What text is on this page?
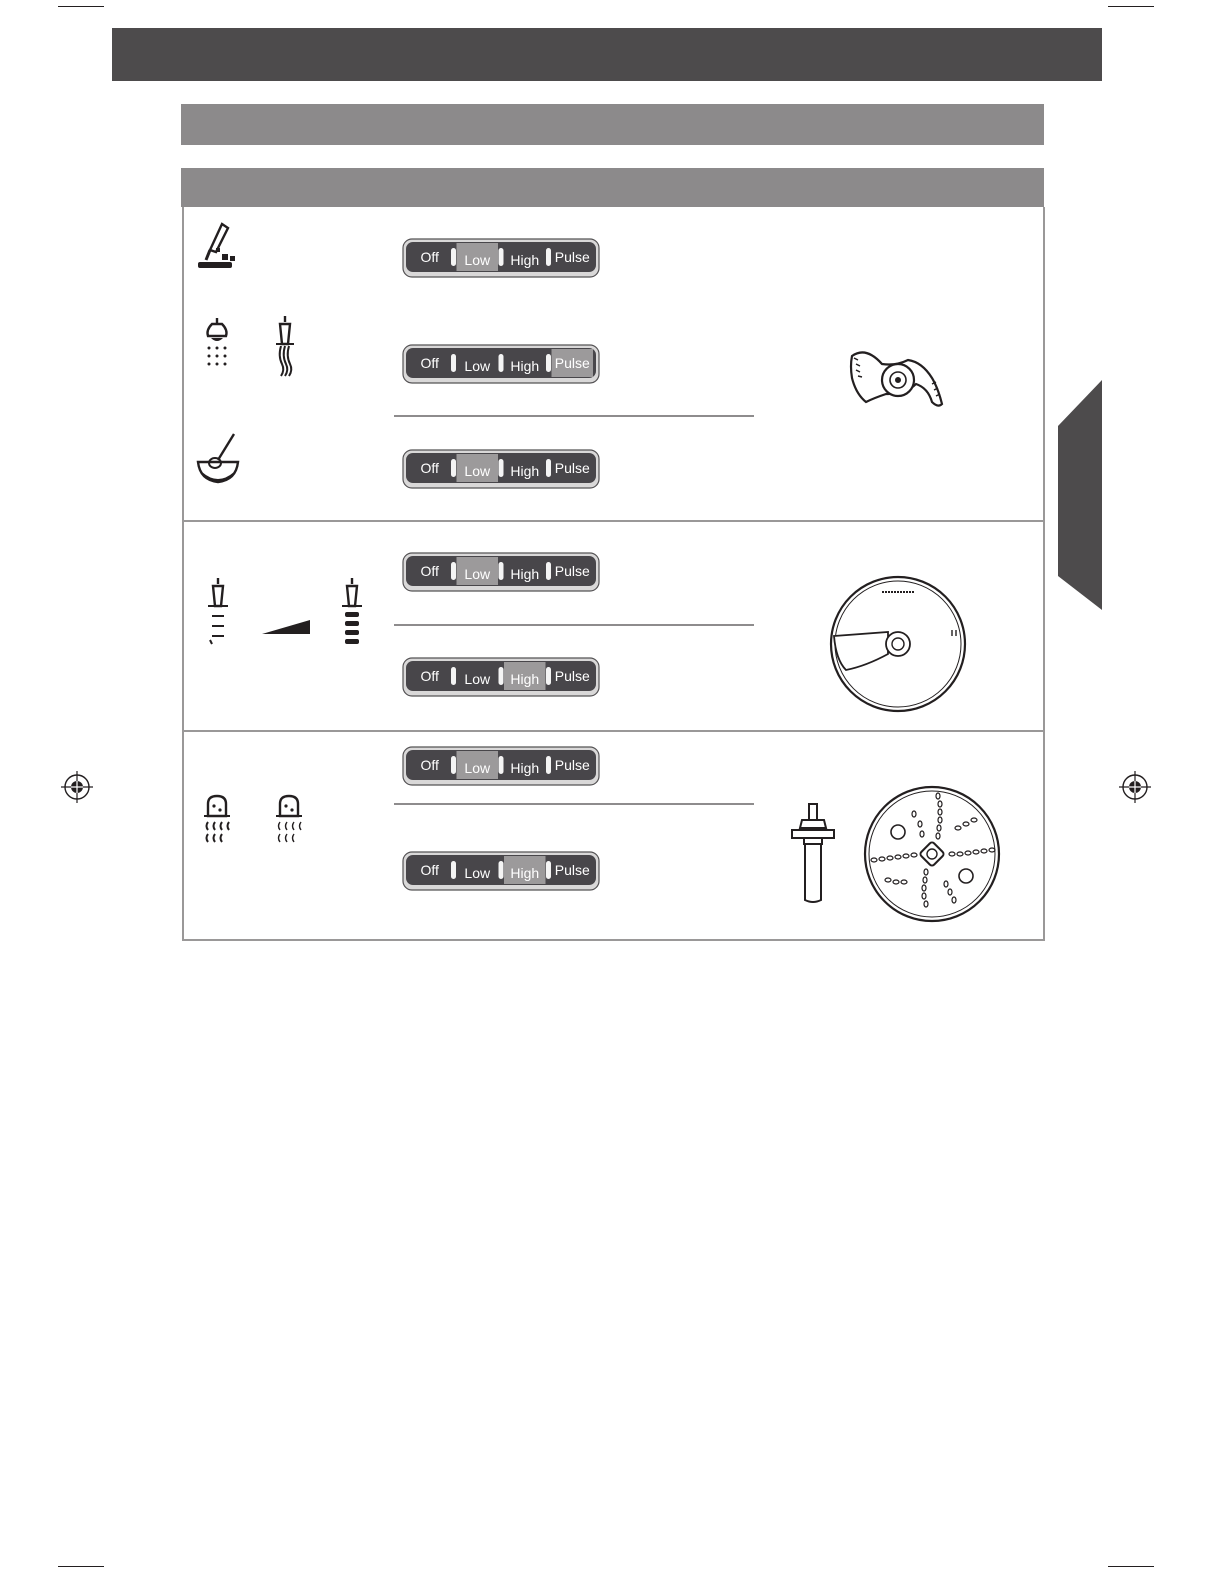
Off Low High Pulse
Off Low High Pulse
Off Low High Pulse
Off Low High Pulse
Off Low High Pulse
Off Low High Pulse
Off Low High Pulse
